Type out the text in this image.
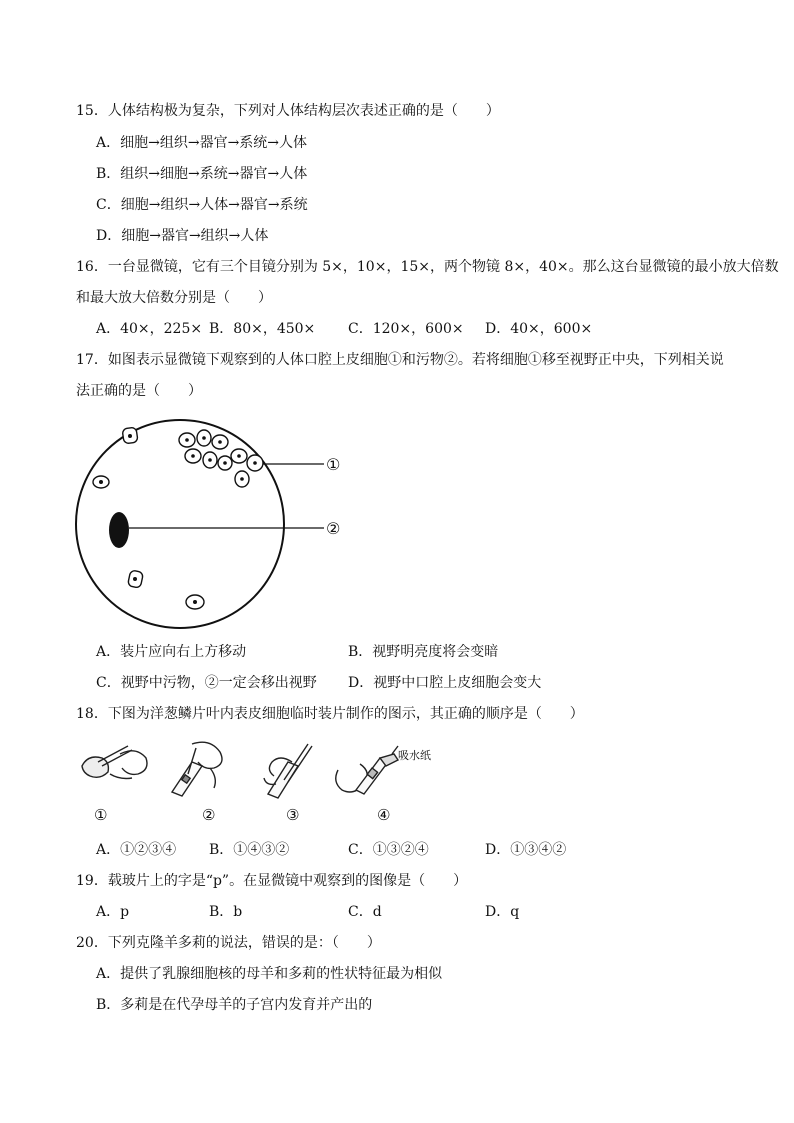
15．人体结构极为复杂，下列对人体结构层次表述正确的是（　　）
A．细胞→组织→器官→系统→人体
B．组织→细胞→系统→器官→人体
C．细胞→组织→人体→器官→系统
D．细胞→器官→组织→人体
16．一台显微镜，它有三个目镜分别为 5×，10×，15×，两个物镜 8×，40×。那么这台显微镜的最小放大倍数
和最大放大倍数分别是（　　）
A．40×，225× B．80×，450× C．120×，600× D．40×，600×
17．如图表示显微镜下观察到的人体口腔上皮细胞①和污物②。若将细胞①移至视野正中央，下列相关说
法正确的是（　　）
①
②
A．装片应向右上方移动	B．视野明亮度将会变暗
C．视野中污物，②一定会移出视野 D．视野中口腔上皮细胞会变大
18．下图为洋葱鳞片叶内表皮细胞临时装片制作的图示，其正确的顺序是（　　）
吸水纸
①	②	③	④
A．①②③④ B．①④③②	C．①③②④	D．①③④②
19．载玻片上的字是“p”。在显微镜中观察到的图像是（　　）
A．p	B．b	C．d	D．q
20．下列克隆羊多莉的说法，错误的是：（　　）
A．提供了乳腺细胞核的母羊和多莉的性状特征最为相似
B．多莉是在代孕母羊的子宫内发育并产出的
